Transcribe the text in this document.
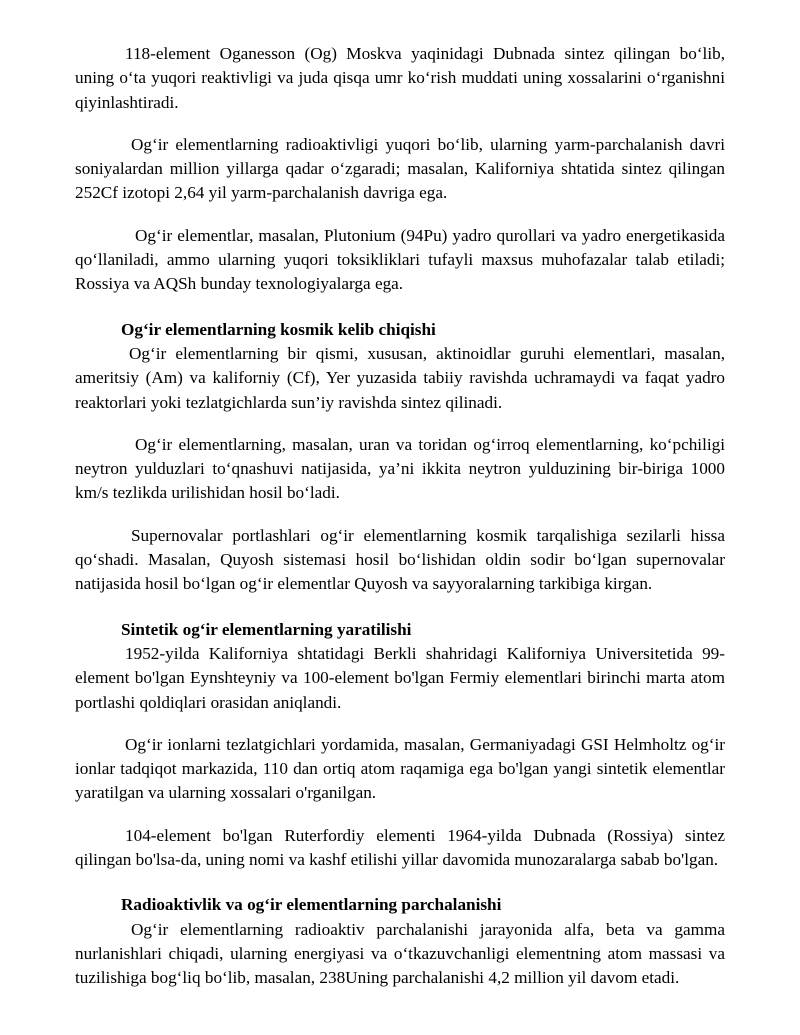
118-element Oganesson (Og) Moskva yaqinidagi Dubnada sintez qilingan bo‘lib, uning o‘ta yuqori reaktivligi va juda qisqa umr ko‘rish muddati uning xossalarini o‘rganishni qiyinlashtiradi.

Og‘ir elementlarning radioaktivligi yuqori bo‘lib, ularning yarm-parchalanish davri soniyalardan million yillarga qadar o‘zgaradi; masalan, Kaliforniya shtatida sintez qilingan 252Cf izotopi 2,64 yil yarm-parchalanish davriga ega.

Og‘ir elementlar, masalan, Plutonium (94Pu) yadro qurollari va yadro energetikasida qo‘llaniladi, ammo ularning yuqori toksikliklari tufayli maxsus muhofazalar talab etiladi; Rossiya va AQSh bunday texnologiyalarga ega.

Og‘ir elementlarning kosmik kelib chiqishi

Og‘ir elementlarning bir qismi, xususan, aktinoidlar guruhi elementlari, masalan, ameritsiy (Am) va kaliforniy (Cf), Yer yuzasida tabiiy ravishda uchramaydi va faqat yadro reaktorlari yoki tezlatgichlarda sun’iy ravishda sintez qilinadi.

Og‘ir elementlarning, masalan, uran va toridan og‘irroq elementlarning, ko‘pchiligi neytron yulduzlari to‘qnashuvi natijasida, ya’ni ikkita neytron yulduzining bir-biriga 1000 km/s tezlikda urilishidan hosil bo‘ladi.

Supernovalar portlashlari og‘ir elementlarning kosmik tarqalishiga sezilarli hissa qo‘shadi. Masalan, Quyosh sistemasi hosil bo‘lishidan oldin sodir bo‘lgan supernovalar natijasida hosil bo‘lgan og‘ir elementlar Quyosh va sayyoralarning tarkibiga kirgan.

Sintetik og‘ir elementlarning yaratilishi

1952-yilda Kaliforniya shtatidagi Berkli shahridagi Kaliforniya Universitetida 99-element bo'lgan Eynshteyniy va 100-element bo'lgan Fermiy elementlari birinchi marta atom portlashi qoldiqlari orasidan aniqlandi.

Og‘ir ionlarni tezlatgichlari yordamida, masalan, Germaniyadagi GSI Helmholtz og‘ir ionlar tadqiqot markazida, 110 dan ortiq atom raqamiga ega bo'lgan yangi sintetik elementlar yaratilgan va ularning xossalari o'rganilgan.

104-element bo'lgan Ruterfordiy elementi 1964-yilda Dubnada (Rossiya) sintez qilingan bo'lsa-da, uning nomi va kashf etilishi yillar davomida munozaralarga sabab bo'lgan.

Radioaktivlik va og‘ir elementlarning parchalanishi

Og‘ir elementlarning radioaktiv parchalanishi jarayonida alfa, beta va gamma nurlanishlari chiqadi, ularning energiyasi va o‘tkazuvchanligi elementning atom massasi va tuzilishiga bog‘liq bo‘lib, masalan, 238Uning parchalanishi 4,2 million yil davom etadi.
